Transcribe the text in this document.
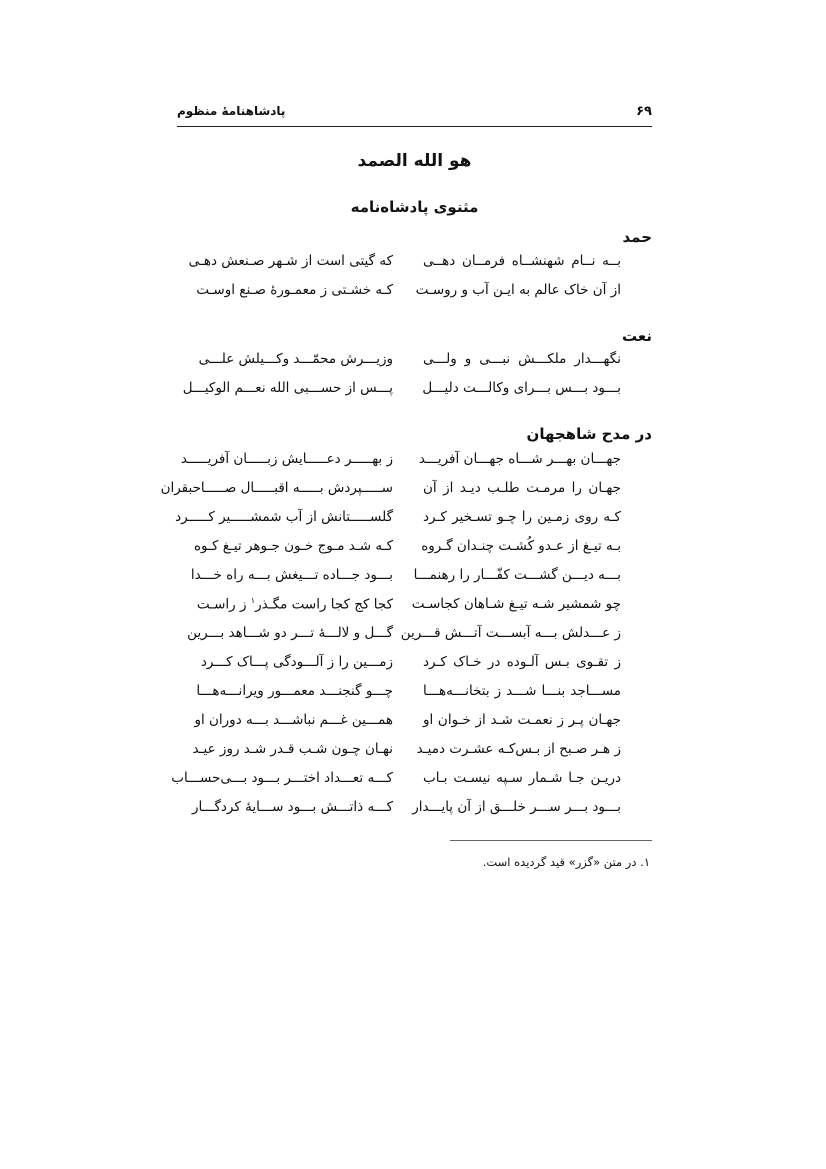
پادشاهنامهٔ منظوم	۶۹
هو الله الصمد
مثنوی پادشاه‌نامه
حمد
بــه نــام شهنشــاه فرمــان دهــی
که گیتی است از شـهر صـنعش دهـی
از آن خاک عالم به ایـن آب و روسـت
کـه خشـتی ز معمـورهٔ صـنع اوسـت
نعت
نگهـــدار ملکـــش نبـــی و ولـــی
وزیـــرش محمّـــد وکـــیلش علـــی
بـــود بـــس بـــرای وکالـــت دلیـــل
پـــس از حســـبی الله نعـــم الوکیـــل
در مدح شاهجهان
جهـــان بهـــر شـــاه جهـــان آفریـــد
ز بهـــــر دعـــــایش زبـــــان آفریـــــد
جهـان را مرمـت طلـب دیـد از آن
ســـــپردش بـــــه اقبـــــال صـــــاحبقران
کـه روی زمـین را چـو تسـخیر کـرد
گلســـــتانش از آب شمشـــــیر کـــــرد
بـه تیـغ از عـدو کُشـت چنـدان گـروه
کـه شـد مـوج خـون جـوهر تیـغ کـوه
بـــه دیـــن گشـــت کفّـــار را رهنمـــا
بـــود جـــاده تـــیغش بـــه راه خـــدا
چو شمشیر شـه تیـغ شـاهان کجاسـت
کجا کج کجا راست مگـذر$^۱$ ز راسـت
ز عـــدلش بـــه آبســـت آتـــش قـــرین
گـــل و لالـــهٔ تـــر دو شـــاهد بـــرین
ز تقـوی بـس آلـوده در خـاک کـرد
زمـــین را ز آلـــودگی پـــاک کـــرد
مســـاجد بنـــا شـــد ز بتخانـــه‌هـــا
چـــو گنجنـــد معمـــور ویرانـــه‌هـــا
جهـان پـر ز نعمـت شـد از خـوان او
همـــین غـــم نباشـــد بـــه دوران او
ز هـر صـبح از بـس‌کـه عشـرت دمیـد
نهـان چـون شـب قـدر شـد روز عیـد
دریـن جـا شـمار سـپه نیسـت بـاب
کـــه تعـــداد اختـــر بـــود بـــی‌حســـاب
بـــود بـــر ســـر خلـــق از آن پایـــدار
کـــه ذاتـــش بـــود ســـایهٔ کردگـــار
۱. در متن «گزر» قید گردیده است.
